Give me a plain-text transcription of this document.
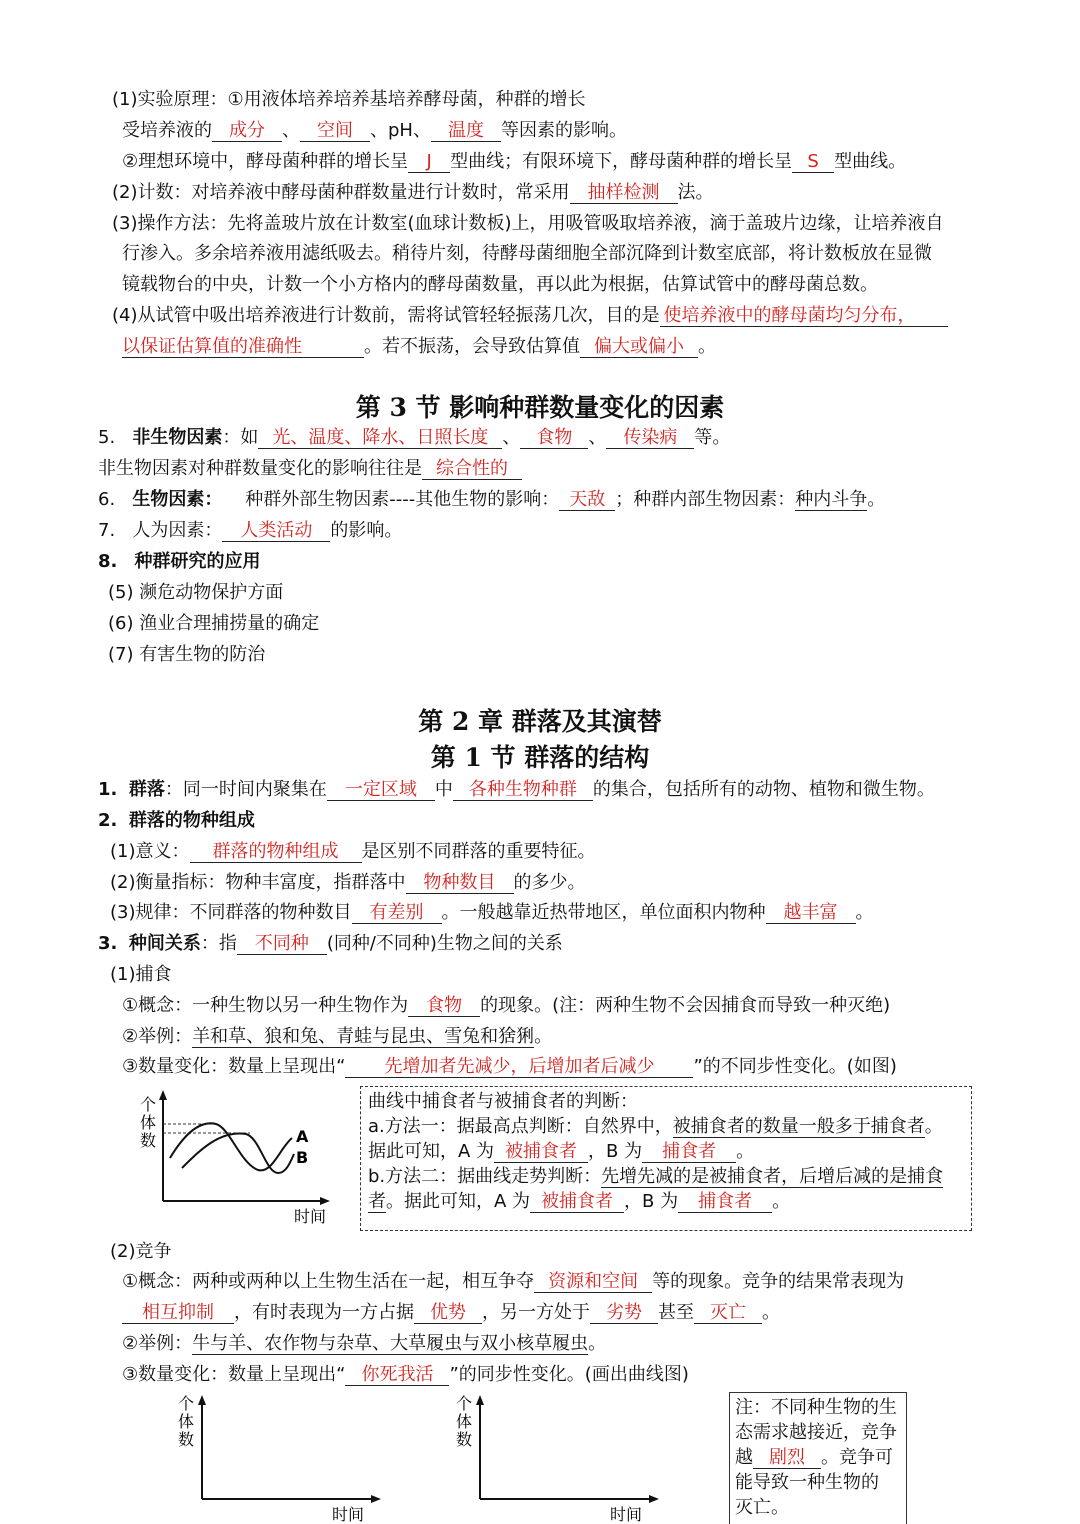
(1)实验原理：①用液体培养培养基培养酵母菌，种群的增长
受培养液的 成分 、 空间 、pH、 温度 等因素的影响。
②理想环境中，酵母菌种群的增长呈 J 型曲线；有限环境下，酵母菌种群的增长呈 S 型曲线。
(2)计数：对培养液中酵母菌种群数量进行计数时，常采用 抽样检测 法。
(3)操作方法：先将盖玻片放在计数室(血球计数板)上，用吸管吸取培养液，滴于盖玻片边缘，让培养液自
行渗入。多余培养液用滤纸吸去。稍待片刻，待酵母菌细胞全部沉降到计数室底部，将计数板放在显微
镜载物台的中央，计数一个小方格内的酵母菌数量，再以此为根据，估算试管中的酵母菌总数。
(4)从试管中吸出培养液进行计数前，需将试管轻轻振荡几次，目的是 使培养液中的酵母菌均匀分布，
以保证估算值的准确性	。若不振荡，会导致估算值 偏大或偏小 。
第 3 节 影响种群数量变化的因素
5. 非生物因素：如 光、温度、降水、日照长度 、 食物 、 传染病 等。
非生物因素对种群数量变化的影响往往是 综合性的
6. 生物因素： 种群外部生物因素----其他生物的影响： 天敌 ；种群内部生物因素：种内斗争。
7. 人为因素： 人类活动 的影响。
8. 种群研究的应用
(5) 濒危动物保护方面
(6) 渔业合理捕捞量的确定
(7) 有害生物的防治
第 2 章 群落及其演替
第 1 节 群落的结构
1. 群落：同一时间内聚集在 一定区域 中 各种生物种群 的集合，包括所有的动物、植物和微生物。
2. 群落的物种组成
(1)意义： 群落的物种组成 是区别不同群落的重要特征。
(2)衡量指标：物种丰富度，指群落中 物种数目 的多少。
(3)规律：不同群落的物种数目 有差别 。一般越靠近热带地区，单位面积内物种 越丰富 。
3. 种间关系：指 不同种 (同种/不同种)生物之间的关系
(1)捕食
①概念：一种生物以另一种生物作为 食物 的现象。(注：两种生物不会因捕食而导致一种灭绝)
②举例：羊和草、狼和兔、青蛙与昆虫、雪兔和猞猁。
③数量变化：数量上呈现出“ 先增加者先减少，后增加者后减少 ”的不同步性变化。(如图)
个
体
数	A
B
时间
曲线中捕食者与被捕食者的判断：
a.方法一：据最高点判断：自然界中，被捕食者的数量一般多于捕食者。
据此可知，A 为 被捕食者 ，B 为 捕食者 。
b.方法二：据曲线走势判断：先增先减的是被捕食者，后增后减的是捕食
者。据此可知，A 为 被捕食者 ，B 为 捕食者 。
(2)竞争
①概念：两种或两种以上生物生活在一起，相互争夺 资源和空间 等的现象。竞争的结果常表现为
相互抑制 ，有时表现为一方占据 优势 ，另一方处于 劣势 甚至 灭亡 。
②举例：牛与羊、农作物与杂草、大草履虫与双小核草履虫。
③数量变化：数量上呈现出“ 你死我活 ”的同步性变化。(画出曲线图)
个
体
数
时间
个
体
数
时间
注：不同种生物的生
态需求越接近，竞争
越 剧烈 。竞争可
能导致一种生物的
灭亡。
